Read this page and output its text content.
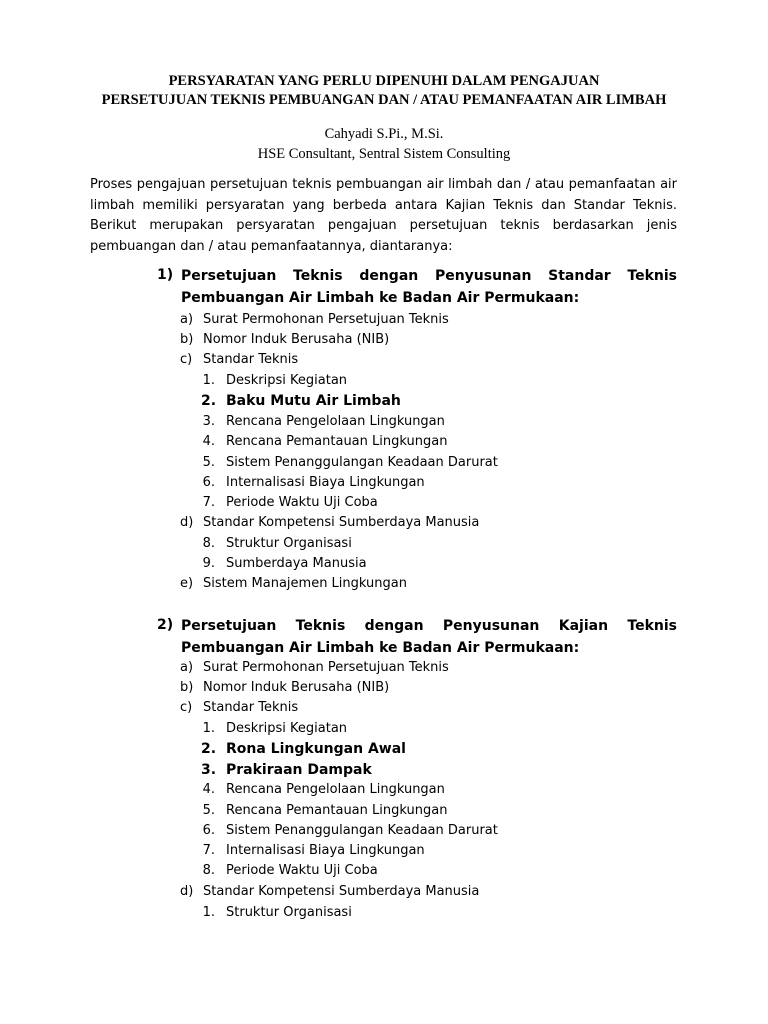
PERSYARATAN YANG PERLU DIPENUHI DALAM PENGAJUAN
PERSETUJUAN TEKNIS PEMBUANGAN DAN / ATAU PEMANFAATAN AIR LIMBAH
Cahyadi S.Pi., M.Si.
HSE Consultant, Sentral Sistem Consulting
Proses pengajuan persetujuan teknis pembuangan air limbah dan / atau pemanfaatan air limbah memiliki persyaratan yang berbeda antara Kajian Teknis dan Standar Teknis. Berikut merupakan persyaratan pengajuan persetujuan teknis berdasarkan jenis pembuangan dan / atau pemanfaatannya, diantaranya:
1) Persetujuan Teknis dengan Penyusunan Standar Teknis Pembuangan Air Limbah ke Badan Air Permukaan:
a) Surat Permohonan Persetujuan Teknis
b) Nomor Induk Berusaha (NIB)
c) Standar Teknis
1. Deskripsi Kegiatan
2. Baku Mutu Air Limbah
3. Rencana Pengelolaan Lingkungan
4. Rencana Pemantauan Lingkungan
5. Sistem Penanggulangan Keadaan Darurat
6. Internalisasi Biaya Lingkungan
7. Periode Waktu Uji Coba
d) Standar Kompetensi Sumberdaya Manusia
8. Struktur Organisasi
9. Sumberdaya Manusia
e) Sistem Manajemen Lingkungan
2) Persetujuan Teknis dengan Penyusunan Kajian Teknis Pembuangan Air Limbah ke Badan Air Permukaan:
a) Surat Permohonan Persetujuan Teknis
b) Nomor Induk Berusaha (NIB)
c) Standar Teknis
1. Deskripsi Kegiatan
2. Rona Lingkungan Awal
3. Prakiraan Dampak
4. Rencana Pengelolaan Lingkungan
5. Rencana Pemantauan Lingkungan
6. Sistem Penanggulangan Keadaan Darurat
7. Internalisasi Biaya Lingkungan
8. Periode Waktu Uji Coba
d) Standar Kompetensi Sumberdaya Manusia
1. Struktur Organisasi
